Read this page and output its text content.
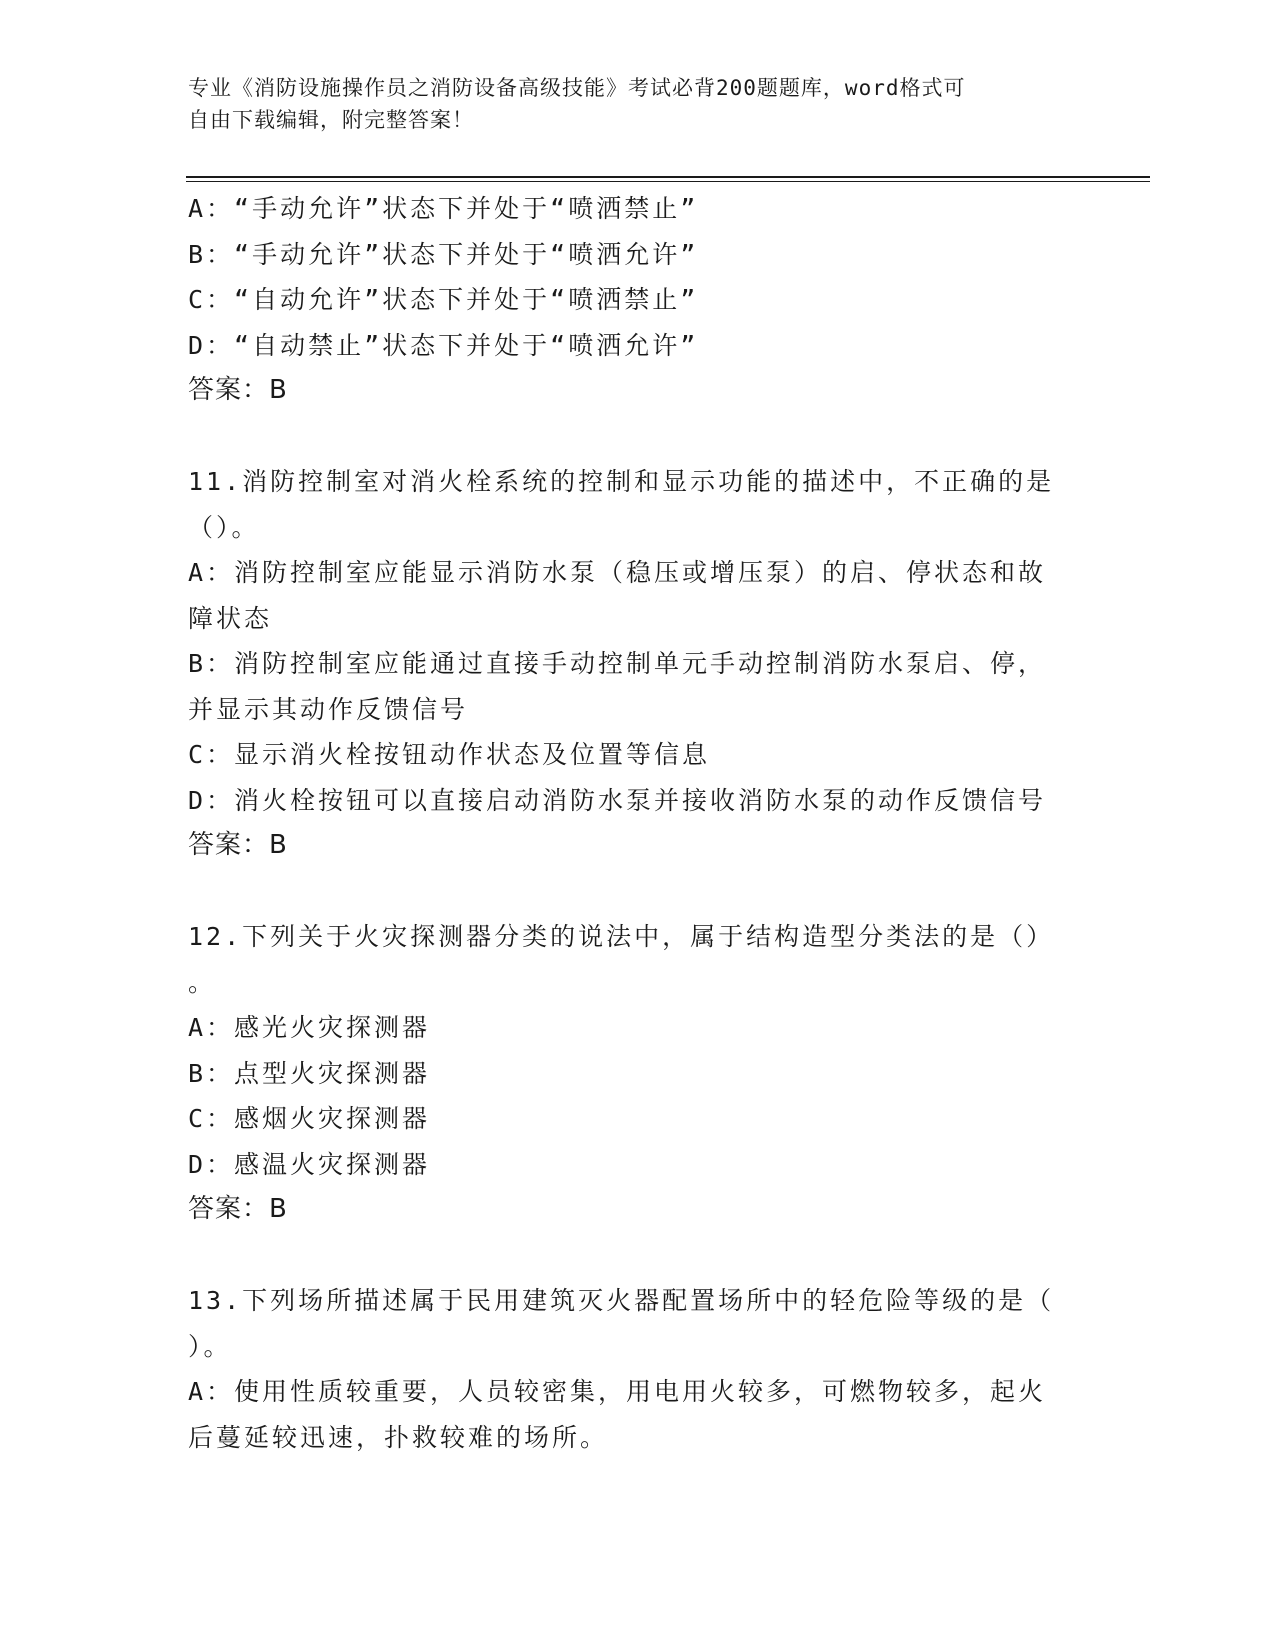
专业《消防设施操作员之消防设备高级技能》考试必背200题题库，word格式可
自由下载编辑，附完整答案！
A：“手动允许”状态下并处于“喷洒禁止”
B：“手动允许”状态下并处于“喷洒允许”
C：“自动允许”状态下并处于“喷洒禁止”
D：“自动禁止”状态下并处于“喷洒允许”
答案：B
11.消防控制室对消火栓系统的控制和显示功能的描述中，不正确的是
（）。
A：消防控制室应能显示消防水泵（稳压或增压泵）的启、停状态和故
障状态
B：消防控制室应能通过直接手动控制单元手动控制消防水泵启、停，
并显示其动作反馈信号
C：显示消火栓按钮动作状态及位置等信息
D：消火栓按钮可以直接启动消防水泵并接收消防水泵的动作反馈信号
答案：B
12.下列关于火灾探测器分类的说法中，属于结构造型分类法的是（）
。
A：感光火灾探测器
B：点型火灾探测器
C：感烟火灾探测器
D：感温火灾探测器
答案：B
13.下列场所描述属于民用建筑灭火器配置场所中的轻危险等级的是（
）。
A：使用性质较重要，人员较密集，用电用火较多，可燃物较多，起火
后蔓延较迅速，扑救较难的场所。
